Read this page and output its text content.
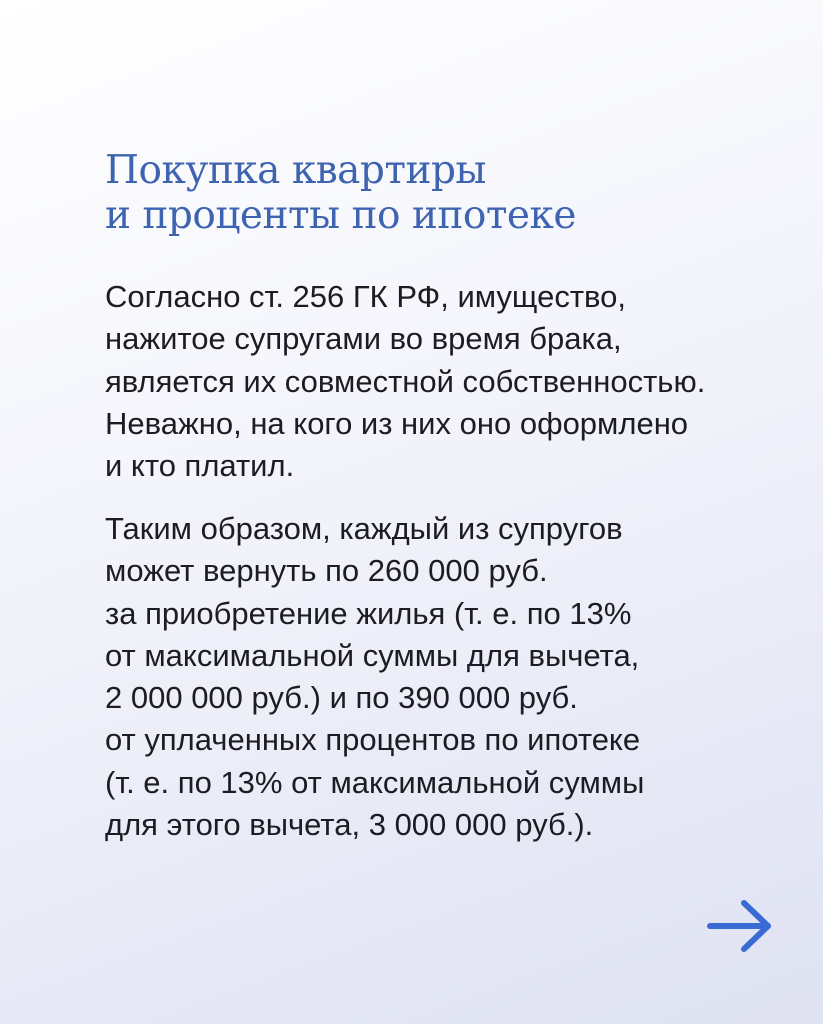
Покупка квартиры
и проценты по ипотеке

Согласно ст. 256 ГК РФ, имущество,
нажитое супругами во время брака,
является их совместной собственностью.
Неважно, на кого из них оно оформлено
и кто платил.

Таким образом, каждый из супругов
может вернуть по 260 000 руб.
за приобретение жилья (т. е. по 13%
от максимальной суммы для вычета,
2 000 000 руб.) и по 390 000 руб.
от уплаченных процентов по ипотеке
(т. е. по 13% от максимальной суммы
для этого вычета, 3 000 000 руб.).
